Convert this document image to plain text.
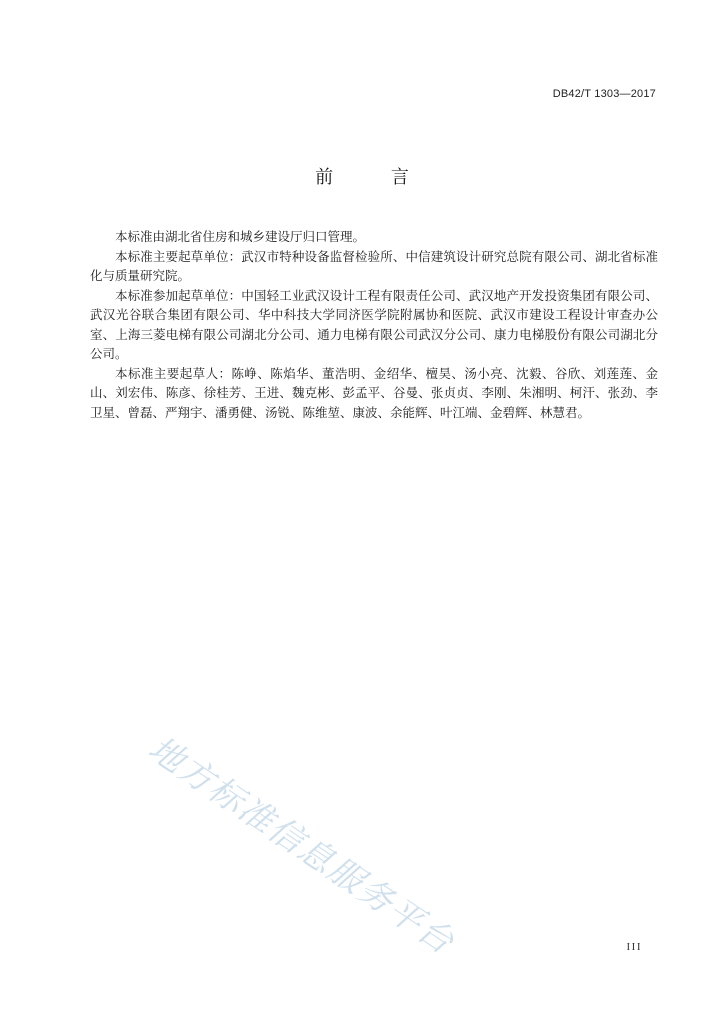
DB42/T 1303—2017
前 言

本标准由湖北省住房和城乡建设厅归口管理。

本标准主要起草单位：武汉市特种设备监督检验所、中信建筑设计研究总院有限公司、湖北省标准化与质量研究院。

本标准参加起草单位：中国轻工业武汉设计工程有限责任公司、武汉地产开发投资集团有限公司、武汉光谷联合集团有限公司、华中科技大学同济医学院附属协和医院、武汉市建设工程设计审查办公室、上海三菱电梯有限公司湖北分公司、通力电梯有限公司武汉分公司、康力电梯股份有限公司湖北分公司。

本标准主要起草人：陈峥、陈焰华、董浩明、金绍华、檀昊、汤小亮、沈毅、谷欣、刘莲莲、金山、刘宏伟、陈彦、徐桂芳、王进、魏克彬、彭孟平、谷曼、张贞贞、李刚、朱湘明、柯汗、张劲、李卫星、曾磊、严翔宇、潘勇健、汤锐、陈维堃、康波、余能辉、叶江端、金碧辉、林慧君。

地方标准信息服务平台	III
